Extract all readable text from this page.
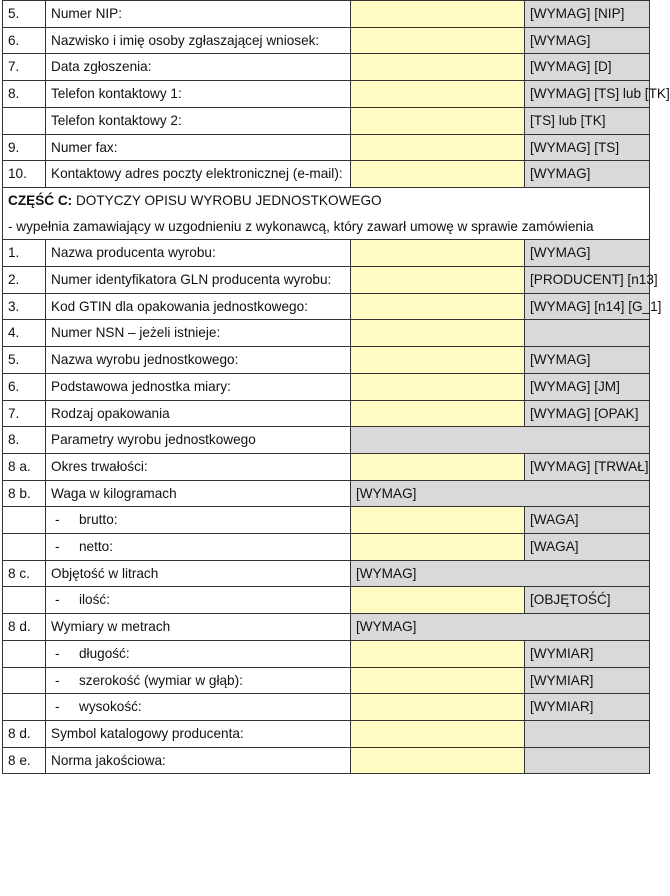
5.	Numer NIP:		[WYMAG] [NIP]
6.	Nazwisko i imię osoby zgłaszającej wniosek:		[WYMAG]
7.	Data zgłoszenia:		[WYMAG] [D]
8.	Telefon kontaktowy 1:		[WYMAG] [TS] lub [TK]
	Telefon kontaktowy 2:		[TS] lub [TK]
9.	Numer fax:		[WYMAG] [TS]
10.	Kontaktowy adres poczty elektronicznej (e-mail):		[WYMAG]
CZĘŚĆ C: DOTYCZY OPISU WYROBU JEDNOSTKOWEGO
- wypełnia zamawiający w uzgodnieniu z wykonawcą, który zawarł umowę w sprawie zamówienia			
1.	Nazwa producenta wyrobu:		[WYMAG]
2.	Numer identyfikatora GLN producenta wyrobu:		[PRODUCENT] [n13]
3.	Kod GTIN dla opakowania jednostkowego:		[WYMAG] [n14] [G_1]
4.	Numer NSN – jeżeli istnieje:		
5.	Nazwa wyrobu jednostkowego:		[WYMAG]
6.	Podstawowa jednostka miary:		[WYMAG] [JM]
7.	Rodzaj opakowania		[WYMAG] [OPAK]
8.	Parametry wyrobu jednostkowego		
8 a.	Okres trwałości:		[WYMAG] [TRWAŁ]
8 b.	Waga w kilogramach	[WYMAG]	
	- brutto:		[WAGA]
	- netto:		[WAGA]
8 c.	Objętość w litrach	[WYMAG]	
	- ilość:		[OBJĘTOŚĆ]
8 d.	Wymiary w metrach	[WYMAG]	
	- długość:		[WYMIAR]
	- szerokość (wymiar w głąb):		[WYMIAR]
	- wysokość:		[WYMIAR]
8 d.	Symbol katalogowy producenta:		
8 e.	Norma jakościowa:		
